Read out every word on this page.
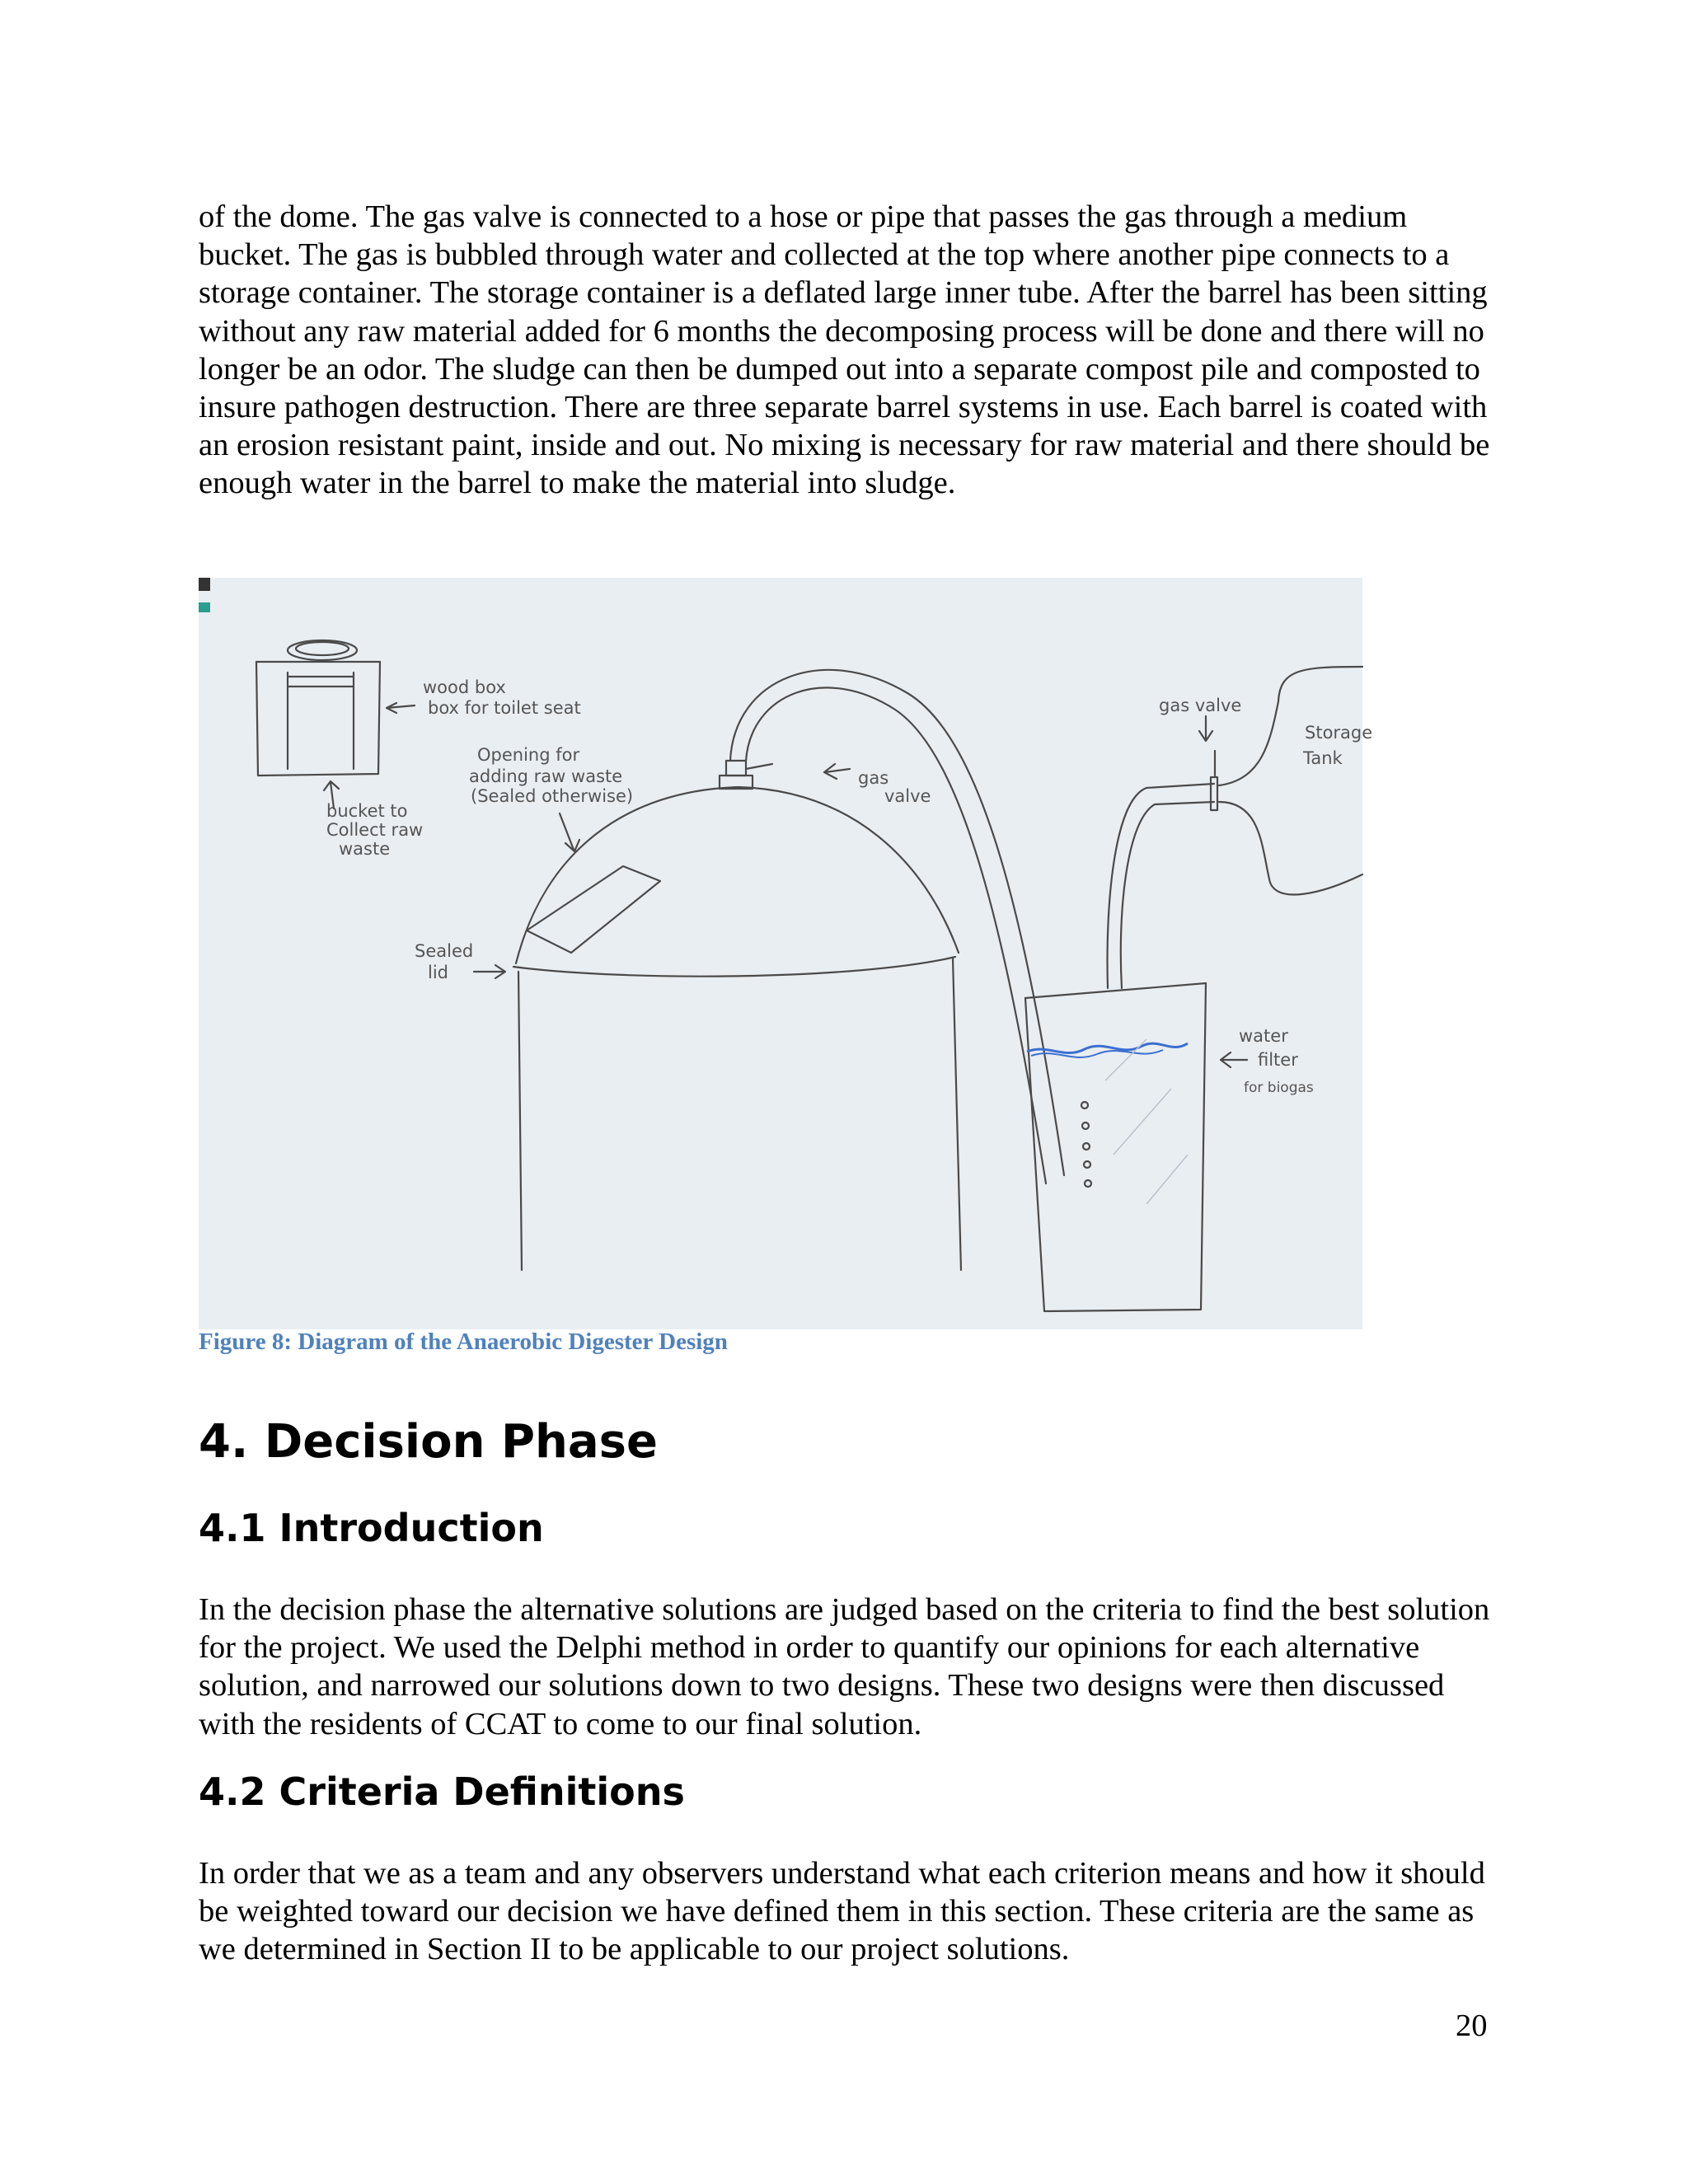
of the dome. The gas valve is connected to a hose or pipe that passes the gas through a medium bucket. The gas is bubbled through water and collected at the top where another pipe connects to a storage container. The storage container is a deflated large inner tube. After the barrel has been sitting without any raw material added for 6 months the decomposing process will be done and there will no longer be an odor. The sludge can then be dumped out into a separate compost pile and composted to insure pathogen destruction. There are three separate barrel systems in use. Each barrel is coated with an erosion resistant paint, inside and out. No mixing is necessary for raw material and there should be enough water in the barrel to make the material into sludge.

wood box
box for toilet seat
bucket to
Collect raw
waste
Opening for
adding raw waste
(Sealed otherwise)
Sealed
lid
gas
valve
gas valve
Storage
Tank
water
filter
for biogas
Figure 8: Diagram of the Anaerobic Digester Design
4. Decision Phase
4.1 Introduction

In the decision phase the alternative solutions are judged based on the criteria to find the best solution for the project. We used the Delphi method in order to quantify our opinions for each alternative solution, and narrowed our solutions down to two designs. These two designs were then discussed with the residents of CCAT to come to our final solution.

4.2 Criteria Definitions

In order that we as a team and any observers understand what each criterion means and how it should be weighted toward our decision we have defined them in this section. These criteria are the same as we determined in Section II to be applicable to our project solutions.

20
